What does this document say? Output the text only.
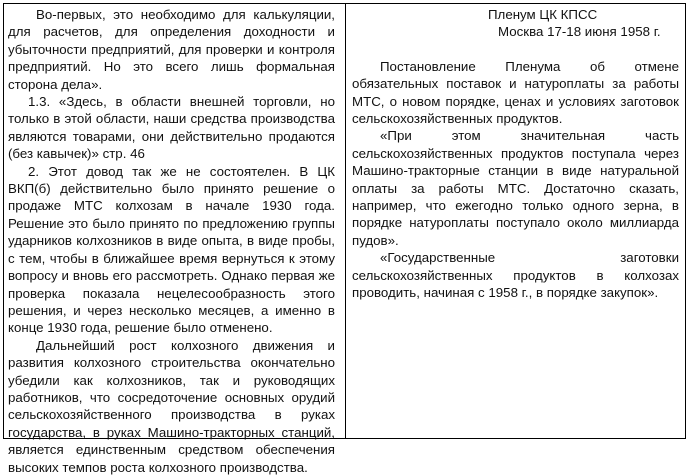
Во-первых, это необходимо для калькуляции, для расчетов, для определения доходности и убыточности предприятий, для проверки и контроля предприятий. Но это всего лишь формальная сторона дела».

1.3. «Здесь, в области внешней торговли, но только в этой области, наши средства производства являются товарами, они действительно продаются (без кавычек)» стр. 46

2. Этот довод так же не состоятелен. В ЦК ВКП(б) действительно было принято решение о продаже МТС колхозам в начале 1930 года. Решение это было принято по предложению группы ударников колхозников в виде опыта, в виде пробы, с тем, чтобы в ближайшее время вернуться к этому вопросу и вновь его рассмотреть. Однако первая же проверка показала нецелесообразность этого решения, и через несколько месяцев, а именно в конце 1930 года, решение было отменено.

Дальнейший рост колхозного движения и развития колхозного строительства окончательно убедили как колхозников, так и руководящих работников, что сосредоточение основных орудий сельскохозяйственного производства в руках государства, в руках Машино-тракторных станций, является единственным средством обеспечения высоких темпов роста колхозного производства.

Пленум ЦК КПСС

Москва 17-18 июня 1958 г.

Постановление Пленума об отмене обязательных поставок и натуроплаты за работы МТС, о новом порядке, ценах и условиях заготовок сельскохозяйственных продуктов.

«При этом значительная часть сельскохозяйственных продуктов поступала через Машино-тракторные станции в виде натуральной оплаты за работы МТС. Достаточно сказать, например, что ежегодно только одного зерна, в порядке натуроплаты поступало около миллиарда пудов».

«Государственные заготовки сельскохозяйственных продуктов в колхозах проводить, начиная с 1958 г., в порядке закупок».
